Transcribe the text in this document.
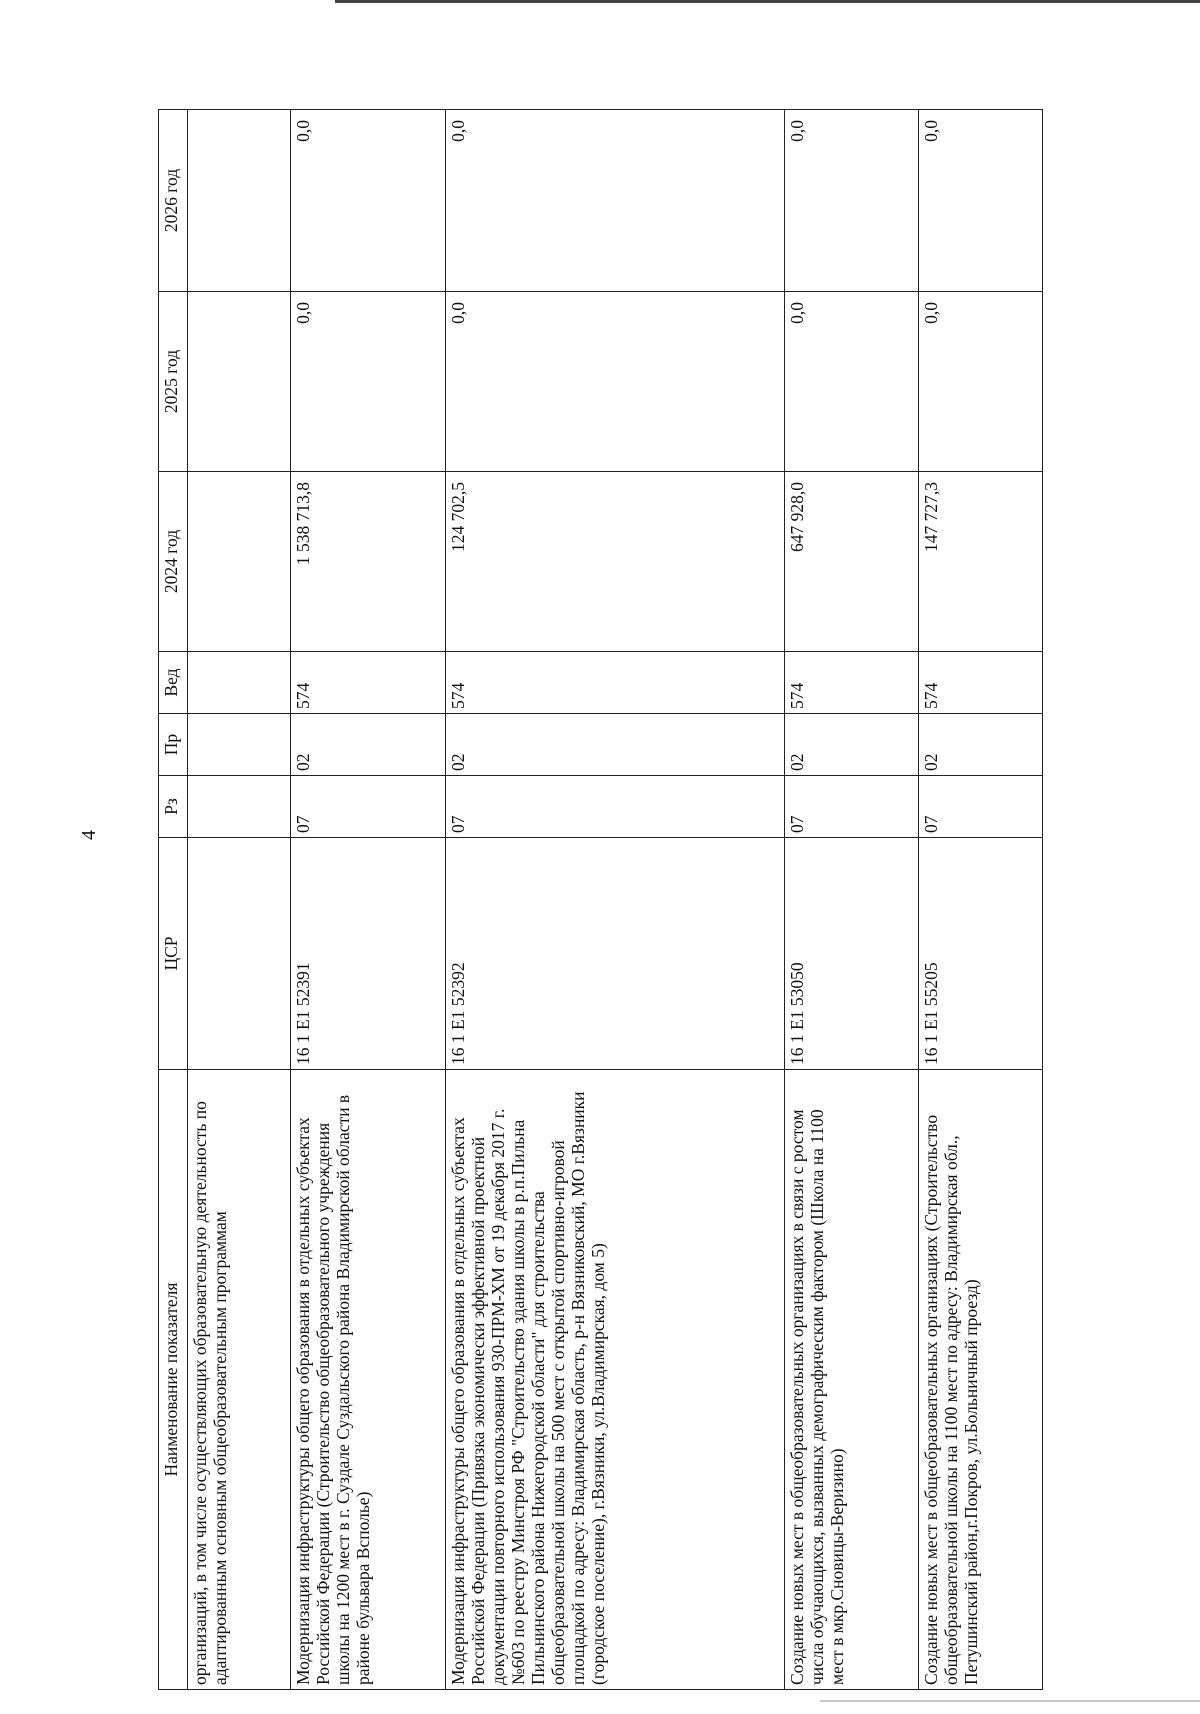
4
Наименование показателя	ЦСР	Рз	Пр	Вед	2024 год	2025 год	2026 год
организаций, в том числе осуществляющих образовательную деятельность по адаптированным основным общеобразовательным программам							
Модернизация инфраструктуры общего образования в отдельных субъектах Российской Федерации (Строительство общеобразовательного учреждения школы на 1200 мест в г. Суздале Суздальского района Владимирской области в районе бульвара Всполье)	16 1 E1 52391	07	02	574	1 538 713,8	0,0	0,0
Модернизация инфраструктуры общего образования в отдельных субъектах Российской Федерации (Привязка экономически эффективной проектной документации повторного использования 930-ПРМ-ХМ от 19 декабря 2017 г. №603 по реестру Минстроя РФ "Строительство здания школы в р.п.Пильна Пильнинского района Нижегородской области" для строительства общеобразовательной школы на 500 мест с открытой спортивно-игровой площадкой по адресу: Владимирская область, р-н Вязниковский, МО г.Вязники (городское поселение), г.Вязники, ул.Владимирская, дом 5)	16 1 E1 52392	07	02	574	124 702,5	0,0	0,0
Создание новых мест в общеобразовательных организациях в связи с ростом числа обучающихся, вызванных демографическим фактором (Школа на 1100 мест в мкр.Сновицы-Веризино)	16 1 E1 53050	07	02	574	647 928,0	0,0	0,0
Создание новых мест в общеобразовательных организациях (Строительство общеобразовательной школы на 1100 мест по адресу: Владимирская обл., Петушинский район,г.Покров, ул.Больничный проезд)	16 1 E1 55205	07	02	574	147 727,3	0,0	0,0
